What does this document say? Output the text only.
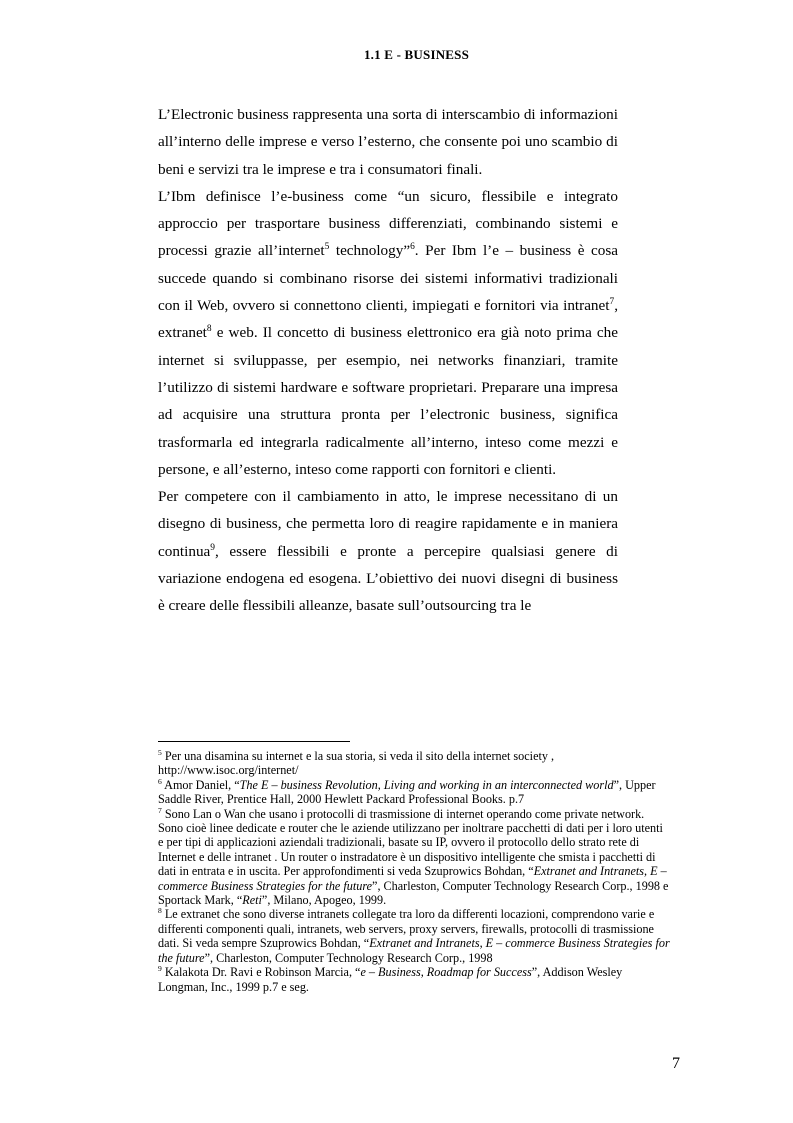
1.1 E - BUSINESS

L’Electronic business rappresenta una sorta di interscambio di informazioni all’interno delle imprese e verso l’esterno, che consente poi uno scambio di beni e servizi tra le imprese e tra i consumatori finali.

L’Ibm definisce l’e-business come “un sicuro, flessibile e integrato approccio per trasportare business differenziati, combinando sistemi e processi grazie all’internet$^5$ technology”$^6$. Per Ibm l’e – business è cosa succede quando si combinano risorse dei sistemi informativi tradizionali con il Web, ovvero si connettono clienti, impiegati e fornitori via intranet$^7$, extranet$^8$ e web. Il concetto di business elettronico era già noto prima che internet si sviluppasse, per esempio, nei networks finanziari, tramite l’utilizzo di sistemi hardware e software proprietari. Preparare una impresa ad acquisire una struttura pronta per l’electronic business, significa trasformarla ed integrarla radicalmente all’interno, inteso come mezzi e persone, e all’esterno, inteso come rapporti con fornitori e clienti.

Per competere con il cambiamento in atto, le imprese necessitano di un disegno di business, che permetta loro di reagire rapidamente e in maniera continua$^9$, essere flessibili e pronte a percepire qualsiasi genere di variazione endogena ed esogena. L’obiettivo dei nuovi disegni di business è creare delle flessibili alleanze, basate sull’outsourcing tra le

$^5$ Per una disamina su internet e la sua storia, si veda il sito della internet society , http://www.isoc.org/internet/

$^6$ Amor Daniel, “The E – business Revolution, Living and working in an interconnected world”, Upper Saddle River, Prentice Hall, 2000 Hewlett Packard Professional Books. p.7

$^7$ Sono Lan o Wan che usano i protocolli di trasmissione di internet operando come private network. Sono cioè linee dedicate e router che le aziende utilizzano per inoltrare pacchetti di dati per i loro utenti e per tipi di applicazioni aziendali tradizionali, basate su IP, ovvero il protocollo dello strato rete di Internet e delle intranet . Un router o instradatore è un dispositivo intelligente che smista i pacchetti di dati in entrata e in uscita. Per approfondimenti si veda Szuprowics Bohdan, “Extranet and Intranets, E – commerce Business Strategies for the future”, Charleston, Computer Technology Research Corp., 1998 e Sportack Mark, “Reti”, Milano, Apogeo, 1999.

$^8$ Le extranet che sono diverse intranets collegate tra loro da differenti locazioni, comprendono varie e differenti componenti quali, intranets, web servers, proxy servers, firewalls, protocolli di trasmissione dati. Si veda sempre Szuprowics Bohdan, “Extranet and Intranets, E – commerce Business Strategies for the future”, Charleston, Computer Technology Research Corp., 1998

$^9$ Kalakota Dr. Ravi e Robinson Marcia, “e – Business, Roadmap for Success”, Addison Wesley Longman, Inc., 1999 p.7 e seg.

7
